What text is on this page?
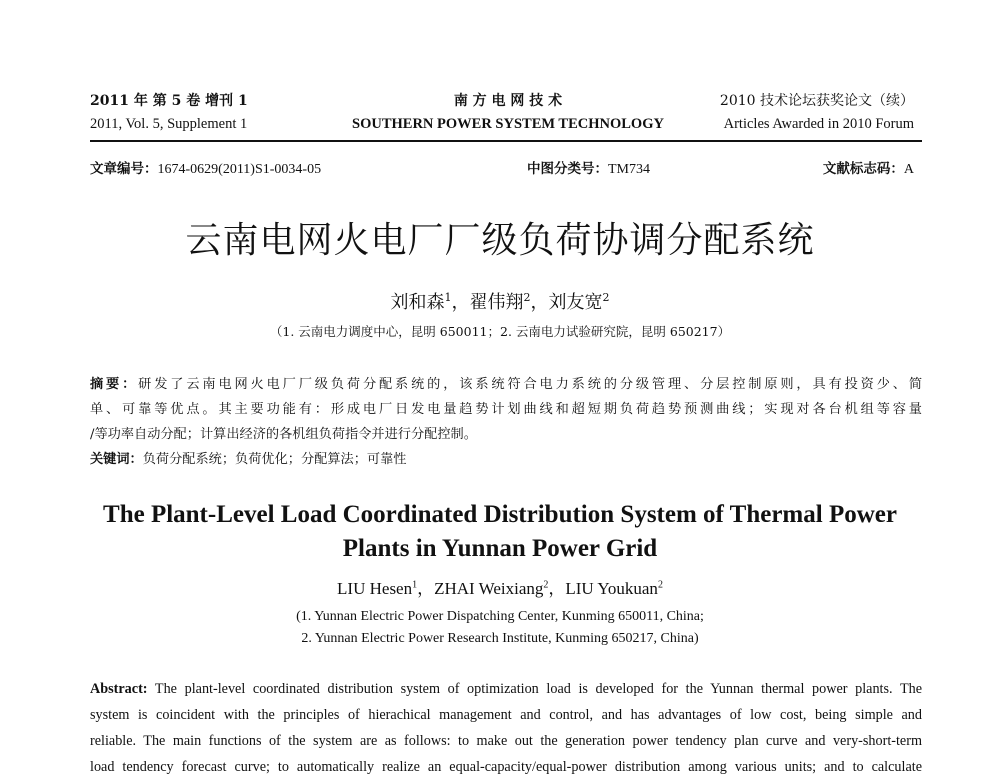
2011 年 第 5 卷 增刊 1
2011, Vol. 5, Supplement 1
南 方 电 网 技 术
SOUTHERN POWER SYSTEM TECHNOLOGY
2010 技术论坛获奖论文（续）
Articles Awarded in 2010 Forum
文章编号：1674-0629(2011)S1-0034-05	中图分类号：TM734	文献标志码：A
云南电网火电厂厂级负荷协调分配系统
刘和森$^1$，翟伟翔$^2$，刘友宽$^2$
（1. 云南电力调度中心，昆明 650011；2. 云南电力试验研究院，昆明 650217）
摘要：研发了云南电网火电厂厂级负荷分配系统的，该系统符合电力系统的分级管理、分层控制原则，具有投资少、简
单、可靠等优点。其主要功能有：形成电厂日发电量趋势计划曲线和超短期负荷趋势预测曲线；实现对各台机组等容量
/等功率自动分配；计算出经济的各机组负荷指令并进行分配控制。
关键词：负荷分配系统；负荷优化；分配算法；可靠性
The Plant-Level Load Coordinated Distribution System of Thermal Power
Plants in Yunnan Power Grid
LIU Hesen$^1$，ZHAI Weixiang$^2$，LIU Youkuan$^2$
(1. Yunnan Electric Power Dispatching Center, Kunming 650011, China;
2. Yunnan Electric Power Research Institute, Kunming 650217, China)
Abstract: The plant-level coordinated distribution system of optimization load is developed for the Yunnan thermal power plants. The
system is coincident with the principles of hierachical management and control, and has advantages of low cost, being simple and
reliable. The main functions of the system are as follows: to make out the generation power tendency plan curve and very-short-term
load tendency forecast curve; to automatically realize an equal-capacity/equal-power distribution among various units; and to calculate
